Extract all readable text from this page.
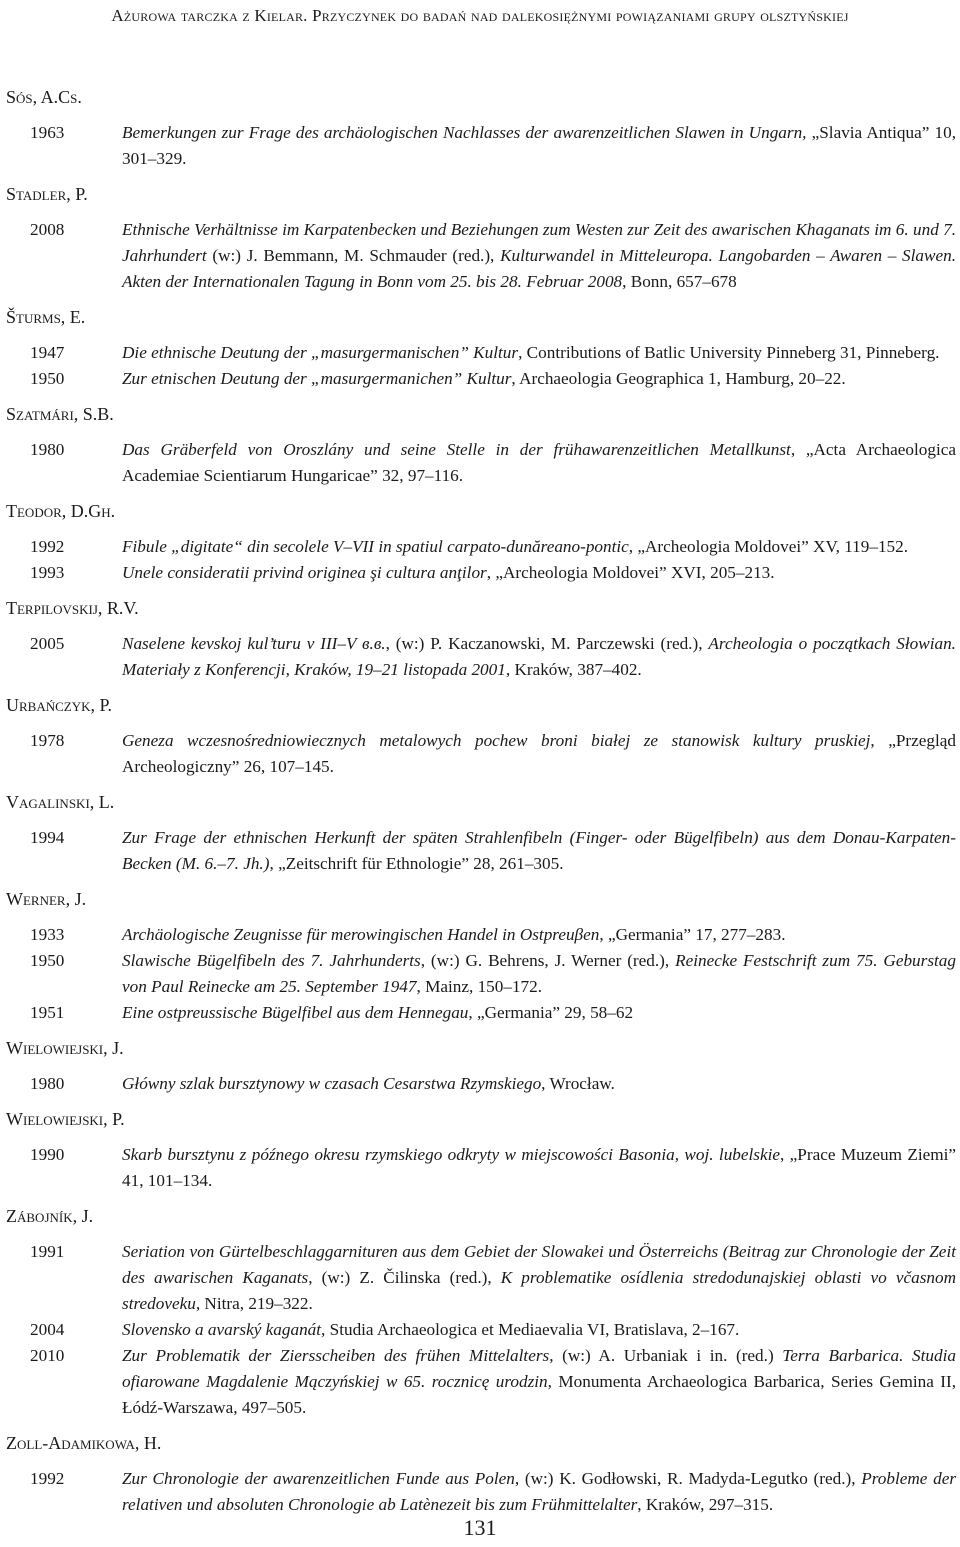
Ażurowa tarczka z Kielar. Przyczynek do badań nad dalekosiężnymi powiązaniami grupy olsztyńskiej
Sós, A.Cs.
1963	Bemerkungen zur Frage des archäologischen Nachlasses der awarenzeitlichen Slawen in Ungarn, „Slavia Antiqua” 10, 301‒329.
Stadler, P.
2008	Ethnische Verhältnisse im Karpatenbecken und Beziehungen zum Westen zur Zeit des awarischen Khaganats im 6. und 7. Jahrhundert (w:) J. Bemmann, M. Schmauder (red.), Kulturwandel in Mitteleuropa. Langobarden – Awaren – Slawen. Akten der Internationalen Tagung in Bonn vom 25. bis 28. Februar 2008, Bonn, 657‒678
Šturms, E.
1947	Die ethnische Deutung der „masurgermanischen” Kultur, Contributions of Batlic University Pinneberg 31, Pinneberg.
1950	Zur etnischen Deutung der „masurgermanichen” Kultur, Archaeologia Geographica 1, Hamburg, 20‒22.
Szatmári, S.B.
1980	Das Gräberfeld von Oroszlány und seine Stelle in der frühawarenzeitlichen Metallkunst, „Acta Archaeologica Academiae Scientiarum Hungaricae” 32, 97‒116.
Teodor, D.Gh.
1992	Fibule „digitate“ din secolele V‒VII in spatiul carpato-dunăreano-pontic, „Archeologia Moldovei” XV, 119‒152.
1993	Unele consideratii privind originea şi cultura anţilor, „Archeologia Moldovei” XVI, 205‒213.
Terpilovskij, R.V.
2005	Naselene kevskoj kul’turu v III‒V в.в., (w:) P. Kaczanowski, M. Parczewski (red.), Archeologia o początkach Słowian. Materiały z Konferencji, Kraków, 19‒21 listopada 2001, Kraków, 387‒402.
Urbańczyk, P.
1978	Geneza wczesnośredniowiecznych metalowych pochew broni białej ze stanowisk kultury pruskiej, „Przegląd Archeologiczny” 26, 107‒145.
Vagalinski, L.
1994	Zur Frage der ethnischen Herkunft der späten Strahlenfibeln (Finger- oder Bügelfibeln) aus dem Donau-Karpaten-Becken (M. 6.‒7. Jh.), „Zeitschrift für Ethnologie” 28, 261‒305.
Werner, J.
1933	Archäologische Zeugnisse für merowingischen Handel in Ostpreuβen, „Germania” 17, 277‒283.
1950	Slawische Bügelfibeln des 7. Jahrhunderts, (w:) G. Behrens, J. Werner (red.), Reinecke Festschrift zum 75. Geburstag von Paul Reinecke am 25. September 1947, Mainz, 150‒172.
1951	Eine ostpreussische Bügelfibel aus dem Hennegau, „Germania” 29, 58‒62
Wielowiejski, J.
1980	Główny szlak bursztynowy w czasach Cesarstwa Rzymskiego, Wrocław.
Wielowiejski, P.
1990	Skarb bursztynu z późnego okresu rzymskiego odkryty w miejscowości Basonia, woj. lubelskie, „Prace Muzeum Ziemi” 41, 101‒134.
Zábojník, J.
1991	Seriation von Gürtelbeschlaggarnituren aus dem Gebiet der Slowakei und Österreichs (Beitrag zur Chronologie der Zeit des awarischen Kaganats, (w:) Z. Čilinska (red.), K problematike osídlenia stredodunajskiej oblasti vo včasnom stredoveku, Nitra, 219‒322.
2004	Slovensko a avarský kaganát, Studia Archaeologica et Mediaevalia VI, Bratislava, 2‒167.
2010	Zur Problematik der Ziersscheiben des frühen Mittelalters, (w:) A. Urbaniak i in. (red.) Terra Barbarica. Studia ofiarowane Magdalenie Mączyńskiej w 65. rocznicę urodzin, Monumenta Archaeologica Barbarica, Series Gemina II, Łódź-Warszawa, 497‒505.
Zoll-Adamikowa, H.
1992	Zur Chronologie der awarenzeitlichen Funde aus Polen, (w:) K. Godłowski, R. Madyda-Legutko (red.), Probleme der relativen und absoluten Chronologie ab Latènezeit bis zum Frühmittelalter, Kraków, 297‒315.
131
